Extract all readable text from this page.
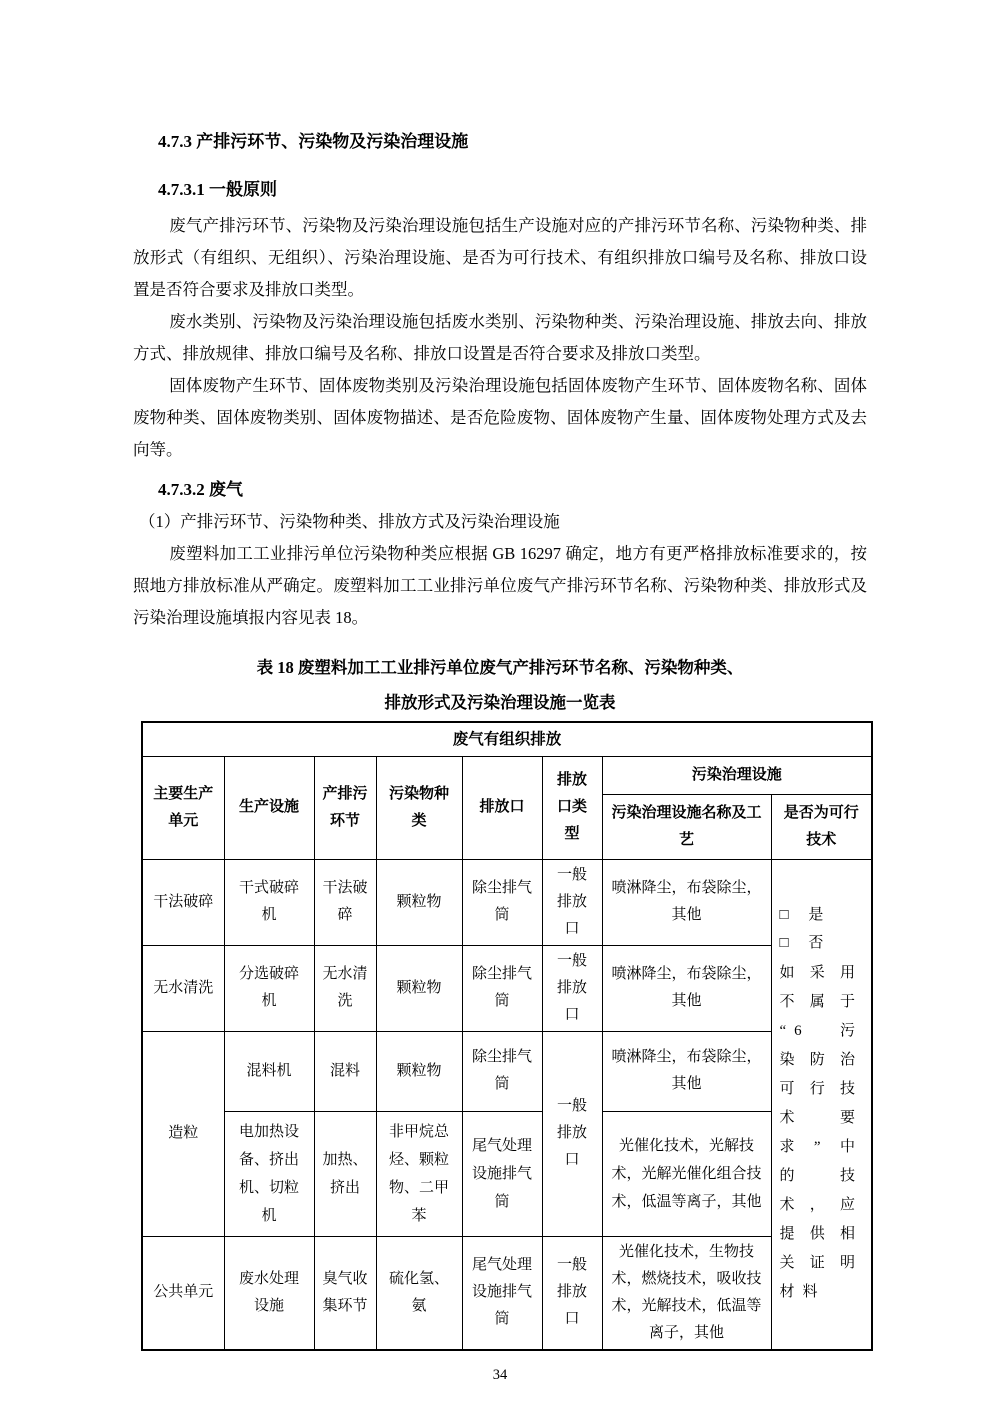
4.7.3 产排污环节、污染物及污染治理设施
4.7.3.1 一般原则

废气产排污环节、污染物及污染治理设施包括生产设施对应的产排污环节名称、污染物种类、排放形式（有组织、无组织）、污染治理设施、是否为可行技术、有组织排放口编号及名称、排放口设置是否符合要求及排放口类型。

废水类别、污染物及污染治理设施包括废水类别、污染物种类、污染治理设施、排放去向、排放方式、排放规律、排放口编号及名称、排放口设置是否符合要求及排放口类型。

固体废物产生环节、固体废物类别及污染治理设施包括固体废物产生环节、固体废物名称、固体废物种类、固体废物类别、固体废物描述、是否危险废物、固体废物产生量、固体废物处理方式及去向等。

4.7.3.2 废气

（1）产排污环节、污染物种类、排放方式及污染治理设施

废塑料加工工业排污单位污染物种类应根据 GB 16297 确定，地方有更严格排放标准要求的，按照地方排放标准从严确定。废塑料加工工业排污单位废气产排污环节名称、污染物种类、排放形式及污染治理设施填报内容见表 18。

表 18 废塑料加工工业排污单位废气产排污环节名称、污染物种类、

排放形式及污染治理设施一览表

废气有组织排放							
主要生产单元	生产设施	产排污环节	污染物种类	排放口	排放口类型	污染治理设施	
						污染治理设施名称及工艺	是否为可行技术
干法破碎	干式破碎机	干法破碎	颗粒物	除尘排气筒	一般排放口	喷淋降尘，布袋除尘，其他	□ 是
□ 否
如采用不属于“6 污染防治可行技术要求”中的技术，应提供相关证明材料

无水清洗	分选破碎机	无水清洗	颗粒物	除尘排气筒	一般排放口	喷淋降尘，布袋除尘，其他	
造粒	混料机	混料	颗粒物	除尘排气筒	一般排放口	喷淋降尘，布袋除尘，其他	
	电加热设备、挤出机、切粒机	加热、挤出	非甲烷总烃、颗粒物、二甲苯	尾气处理设施排气筒		光催化技术，光解技术，光解光催化组合技术，低温等离子，其他	
公共单元	废水处理设施	臭气收集环节	硫化氢、氨	尾气处理设施排气筒	一般排放口	光催化技术，生物技术，燃烧技术，吸收技术，光解技术，低温等离子，其他	
34
